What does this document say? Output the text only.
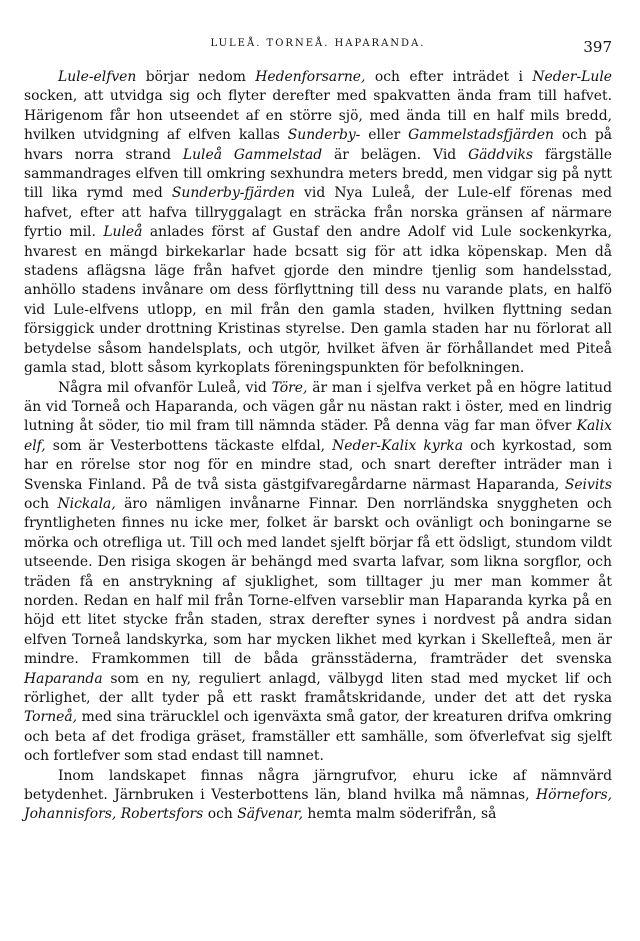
LULEÅ. TORNEÅ. HAPARANDA.	397

Lule-elfven börjar nedom Hedenforsarne, och efter inträdet i Neder-Lule socken, att utvidga sig och flyter derefter med spakvatten ända fram till hafvet. Härigenom får hon utseendet af en större sjö, med ända till en half mils bredd, hvilken utvidgning af elfven kallas Sunderby- eller Gammelstadsfjärden och på hvars norra strand Luleå Gammelstad är belägen. Vid Gäddviks färgställe sammandrages elfven till omkring sexhundra meters bredd, men vidgar sig på nytt till lika rymd med Sunderby-fjärden vid Nya Luleå, der Lule-elf förenas med hafvet, efter att hafva tillryggalagt en sträcka från norska gränsen af närmare fyrtio mil. Luleå anlades först af Gustaf den andre Adolf vid Lule sockenkyrka, hvarest en mängd birkekarlar hade bcsatt sig för att idka köpenskap. Men då stadens aflägsna läge från hafvet gjorde den mindre tjenlig som handelsstad, anhöllo stadens invånare om dess förflyttning till dess nu varande plats, en halfö vid Lule-elfvens utlopp, en mil från den gamla staden, hvilken flyttning sedan försiggick under drottning Kristinas styrelse. Den gamla staden har nu förlorat all betydelse såsom handelsplats, och utgör, hvilket äfven är förhållandet med Piteå gamla stad, blott såsom kyrkoplats föreningspunkten för befolkningen.

Några mil ofvanför Luleå, vid Töre, är man i sjelfva verket på en högre latitud än vid Torneå och Haparanda, och vägen går nu nästan rakt i öster, med en lindrig lutning åt söder, tio mil fram till nämnda städer. På denna väg far man öfver Kalix elf, som är Vesterbottens täckaste elfdal, Neder-Kalix kyrka och kyrkostad, som har en rörelse stor nog för en mindre stad, och snart derefter inträder man i Svenska Finland. På de två sista gästgifvaregårdarne närmast Haparanda, Seivits och Nickala, äro nämligen invånarne Finnar. Den norrländska snyggheten och fryntligheten finnes nu icke mer, folket är barskt och ovänligt och boningarne se mörka och otrefliga ut. Till och med landet sjelft börjar få ett ödsligt, stundom vildt utseende. Den risiga skogen är behängd med svarta lafvar, som likna sorgflor, och träden få en anstrykning af sjuklighet, som tilltager ju mer man kommer åt norden. Redan en half mil från Torne-elfven varseblir man Haparanda kyrka på en höjd ett litet stycke från staden, strax derefter synes i nordvest på andra sidan elfven Torneå landskyrka, som har mycken likhet med kyrkan i Skellefteå, men är mindre. Framkommen till de båda gränsstäderna, framträder det svenska Haparanda som en ny, reguliert anlagd, välbygd liten stad med mycket lif och rörlighet, der allt tyder på ett raskt framåtskridande, under det att det ryska Torneå, med sina trärucklel och igenväxta små gator, der kreaturen drifva omkring och beta af det frodiga gräset, framställer ett samhälle, som öfverlefvat sig sjelft och fortlefver som stad endast till namnet.

Inom landskapet finnas några järngrufvor, ehuru icke af nämnvärd betydenhet. Järnbruken i Vesterbottens län, bland hvilka må nämnas, Hörnefors, Johannisfors, Robertsfors och Säfvenar, hemta malm söderifrån, så
